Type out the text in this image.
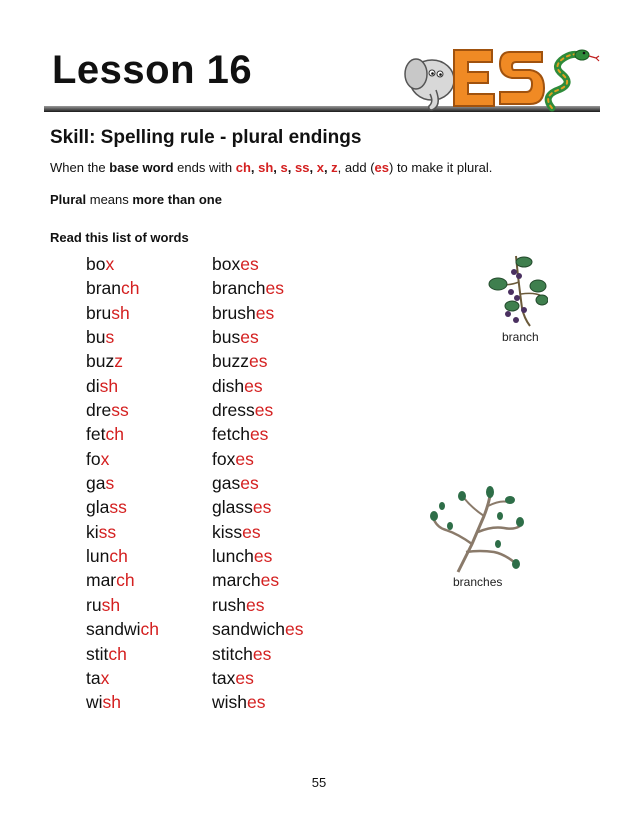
Lesson 16
Skill: Spelling rule - plural endings
When the base word ends with ch, sh, s, ss, x, z, add (es) to make it plural.
Plural means more than one
Read this list of words
box	boxes
branch	branches
brush	brushes
bus	buses
buzz	buzzes
dish	dishes
dress	dresses
fetch	fetches
fox	foxes
gas	gases
glass	glasses
kiss	kisses
lunch	lunches
march	marches
rush	rushes
sandwich	sandwiches
stitch	stitches
tax	taxes
wish	wishes
branch
branches
55
